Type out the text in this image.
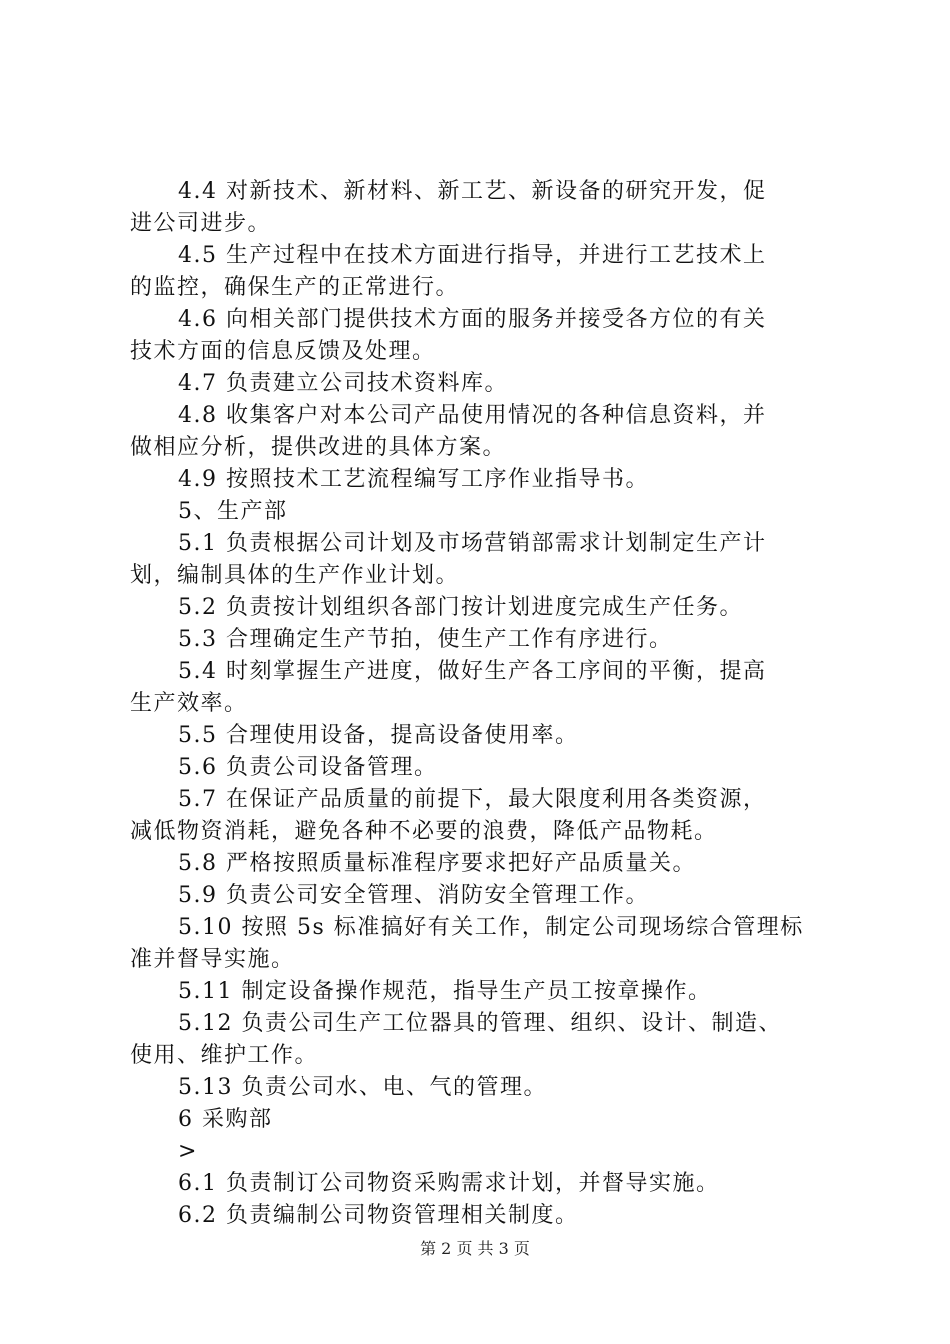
4.4 对新技术、新材料、新工艺、新设备的研究开发，促
进公司进步。
4.5 生产过程中在技术方面进行指导，并进行工艺技术上
的监控，确保生产的正常进行。
4.6 向相关部门提供技术方面的服务并接受各方位的有关
技术方面的信息反馈及处理。
4.7 负责建立公司技术资料库。
4.8 收集客户对本公司产品使用情况的各种信息资料，并
做相应分析，提供改进的具体方案。
4.9 按照技术工艺流程编写工序作业指导书。
5、生产部
5.1 负责根据公司计划及市场营销部需求计划制定生产计
划，编制具体的生产作业计划。
5.2 负责按计划组织各部门按计划进度完成生产任务。
5.3 合理确定生产节拍，使生产工作有序进行。
5.4 时刻掌握生产进度，做好生产各工序间的平衡，提高
生产效率。
5.5 合理使用设备，提高设备使用率。
5.6 负责公司设备管理。
5.7 在保证产品质量的前提下，最大限度利用各类资源，
减低物资消耗，避免各种不必要的浪费，降低产品物耗。
5.8 严格按照质量标准程序要求把好产品质量关。
5.9 负责公司安全管理、消防安全管理工作。
5.10 按照 5s 标准搞好有关工作，制定公司现场综合管理标
准并督导实施。
5.11 制定设备操作规范，指导生产员工按章操作。
5.12 负责公司生产工位器具的管理、组织、设计、制造、
使用、维护工作。
5.13 负责公司水、电、气的管理。
6 采购部
>
6.1 负责制订公司物资采购需求计划，并督导实施。
6.2 负责编制公司物资管理相关制度。
第 2 页 共 3 页
